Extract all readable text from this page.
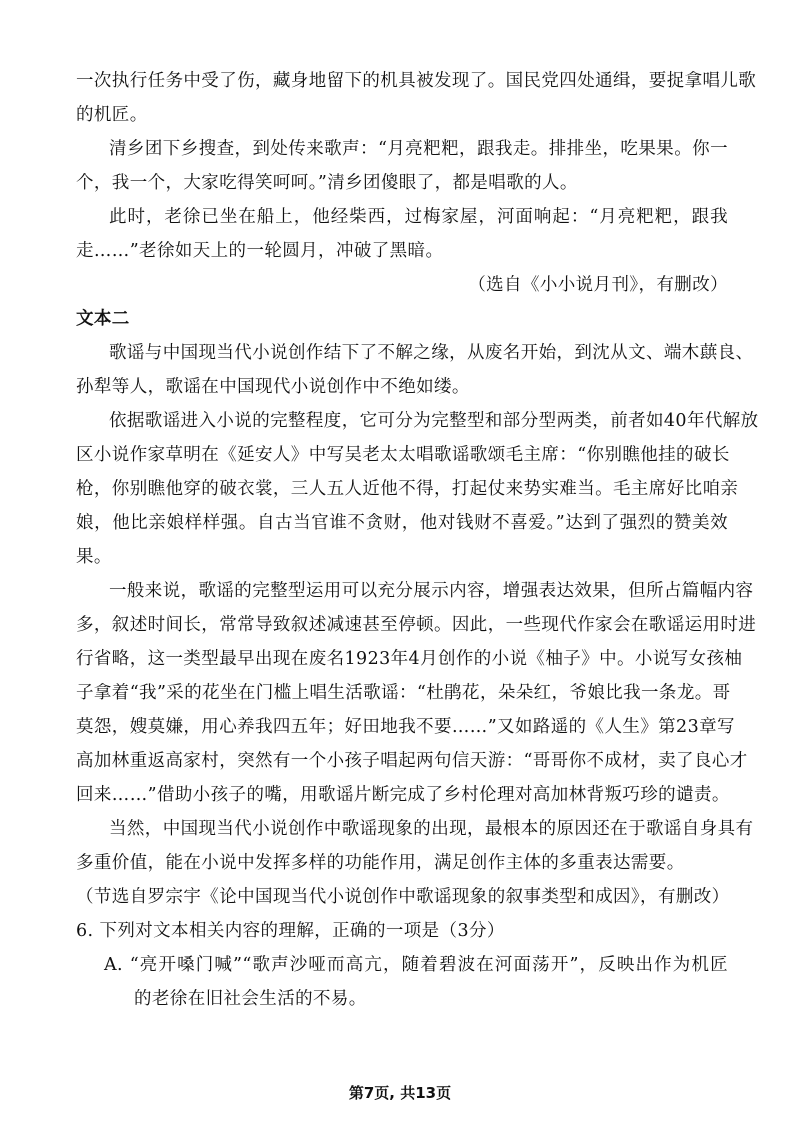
一次执行任务中受了伤，藏身地留下的机具被发现了。国民党四处通缉，要捉拿唱儿歌
的机匠。
清乡团下乡搜查，到处传来歌声：“月亮粑粑，跟我走。排排坐，吃果果。你一
个，我一个，大家吃得笑呵呵。”清乡团傻眼了，都是唱歌的人。
此时，老徐已坐在船上，他经柴西，过梅家屋，河面响起：“月亮粑粑，跟我
走……”老徐如天上的一轮圆月，冲破了黑暗。
（选自《小小说月刊》，有删改）
文本二
歌谣与中国现当代小说创作结下了不解之缘，从废名开始，到沈从文、端木蕻良、
孙犁等人，歌谣在中国现代小说创作中不绝如缕。
依据歌谣进入小说的完整程度，它可分为完整型和部分型两类，前者如40年代解放
区小说作家草明在《延安人》中写吴老太太唱歌谣歌颂毛主席：“你别瞧他挂的破长
枪，你别瞧他穿的破衣裳，三人五人近他不得，打起仗来势实难当。毛主席好比咱亲
娘，他比亲娘样样强。自古当官谁不贪财，他对钱财不喜爱。”达到了强烈的赞美效
果。
一般来说，歌谣的完整型运用可以充分展示内容，增强表达效果，但所占篇幅内容
多，叙述时间长，常常导致叙述减速甚至停顿。因此，一些现代作家会在歌谣运用时进
行省略，这一类型最早出现在废名1923年4月创作的小说《柚子》中。小说写女孩柚
子拿着“我”采的花坐在门槛上唱生活歌谣：“杜鹃花，朵朵红，爷娘比我一条龙。哥
莫怨，嫂莫嫌，用心养我四五年；好田地我不要……”又如路遥的《人生》第23章写
高加林重返高家村，突然有一个小孩子唱起两句信天游：“哥哥你不成材，卖了良心才
回来……”借助小孩子的嘴，用歌谣片断完成了乡村伦理对高加林背叛巧珍的谴责。
当然，中国现当代小说创作中歌谣现象的出现，最根本的原因还在于歌谣自身具有
多重价值，能在小说中发挥多样的功能作用，满足创作主体的多重表达需要。
（节选自罗宗宇《论中国现当代小说创作中歌谣现象的叙事类型和成因》，有删改）
6. 下列对文本相关内容的理解，正确的一项是（3分）
A. “亮开嗓门喊”“歌声沙哑而高亢，随着碧波在河面荡开”，反映出作为机匠
的老徐在旧社会生活的不易。
第7页, 共13页
